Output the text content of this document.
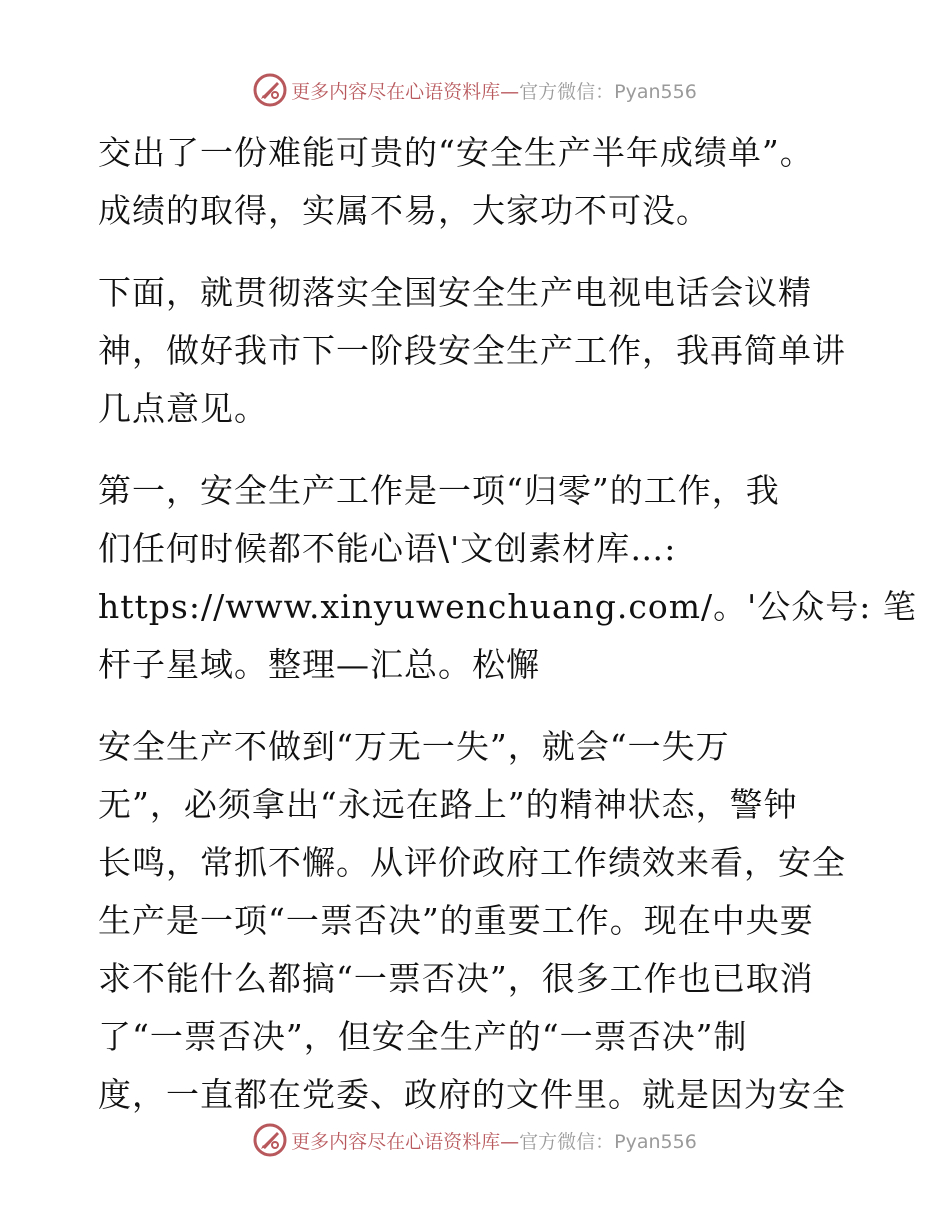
更多内容尽在心语资料库—官方微信：Pyan556

交出了一份难能可贵的“安全生产半年成绩单”。
成绩的取得，实属不易，大家功不可没。

下面，就贯彻落实全国安全生产电视电话会议精
神，做好我市下一阶段安全生产工作，我再简单讲
几点意见。

第一，安全生产工作是一项“归零”的工作，我
们任何时候都不能心语\'文创素材库…:
https://www.xinyuwenchuang.com/。'公众号: 笔
杆子星域。整理—汇总。松懈

安全生产不做到“万无一失”，就会“一失万
无”，必须拿出“永远在路上”的精神状态，警钟
长鸣，常抓不懈。从评价政府工作绩效来看，安全
生产是一项“一票否决”的重要工作。现在中央要
求不能什么都搞“一票否决”，很多工作也已取消
了“一票否决”，但安全生产的“一票否决”制
度，一直都在党委、政府的文件里。就是因为安全

更多内容尽在心语资料库—官方微信：Pyan556
